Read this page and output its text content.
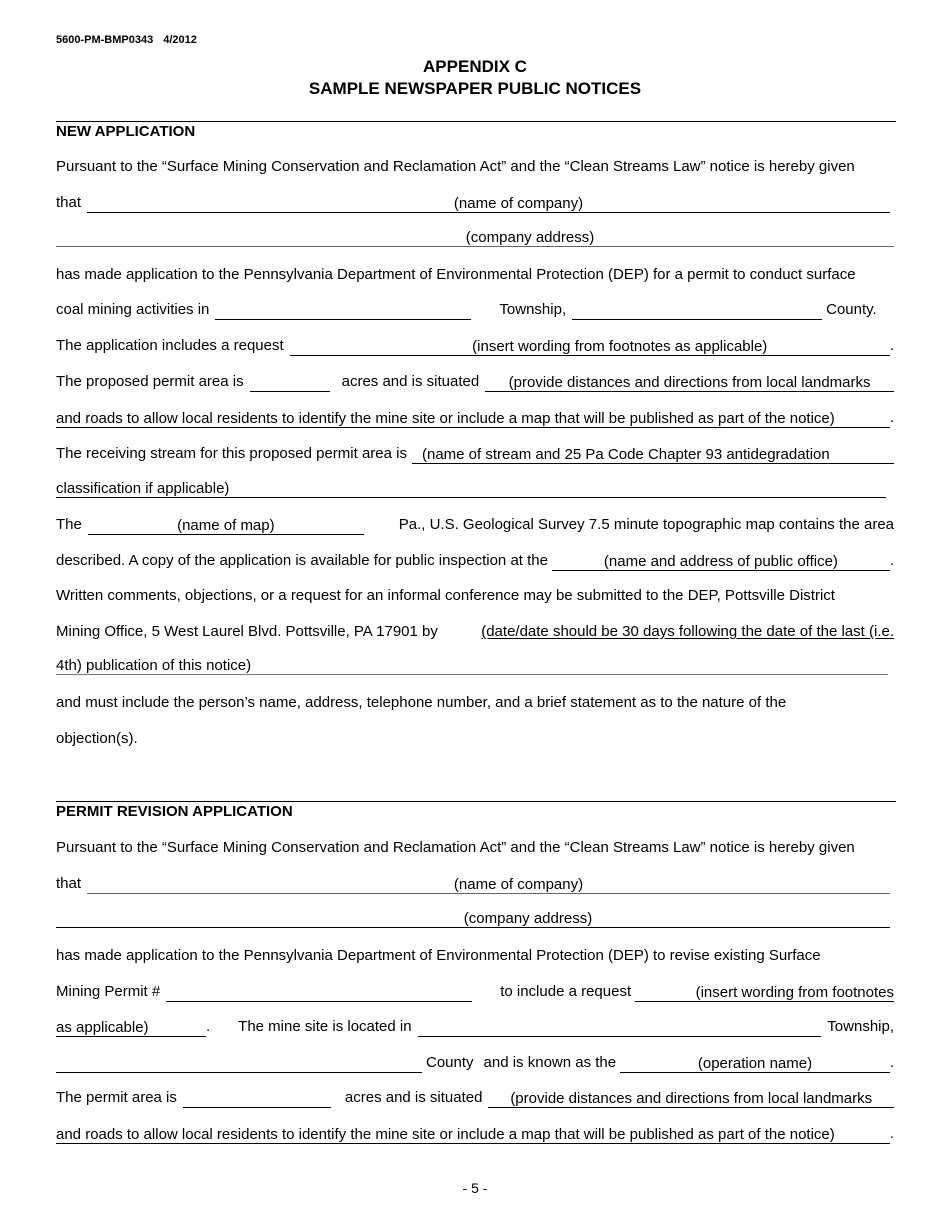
5600-PM-BMP0343 4/2012
APPENDIX C
SAMPLE NEWSPAPER PUBLIC NOTICES
NEW APPLICATION
Pursuant to the “Surface Mining Conservation and Reclamation Act” and the “Clean Streams Law” notice is hereby given
that	(name of company)
(company address)
has made application to the Pennsylvania Department of Environmental Protection (DEP) for a permit to conduct surface
coal mining activities in	Township,	County.
The application includes a request	(insert wording from footnotes as applicable)	.
The proposed permit area is	acres and is situated	(provide distances and directions from local landmarks
and roads to allow local residents to identify the mine site or include a map that will be published as part of the notice)	.
The receiving stream for this proposed permit area is	(name of stream and 25 Pa Code Chapter 93 antidegradation
classification if applicable)
The	(name of map)	Pa., U.S. Geological Survey 7.5 minute topographic map contains the area
described. A copy of the application is available for public inspection at the	(name and address of public office)	.
Written comments, objections, or a request for an informal conference may be submitted to the DEP, Pottsville District
Mining Office, 5 West Laurel Blvd. Pottsville, PA 17901 by	(date/date should be 30 days following the date of the last (i.e.
4th) publication of this notice)
and must include the person’s name, address, telephone number, and a brief statement as to the nature of the
objection(s).
PERMIT REVISION APPLICATION
Pursuant to the “Surface Mining Conservation and Reclamation Act” and the “Clean Streams Law” notice is hereby given
that	(name of company)
(company address)
has made application to the Pennsylvania Department of Environmental Protection (DEP) to revise existing Surface
Mining Permit #	to include a request	(insert wording from footnotes
as applicable)	. The mine site is located in	Township,
County and is known as the	(operation name)	.
The permit area is	acres and is situated	(provide distances and directions from local landmarks
and roads to allow local residents to identify the mine site or include a map that will be published as part of the notice)	.
- 5 -
